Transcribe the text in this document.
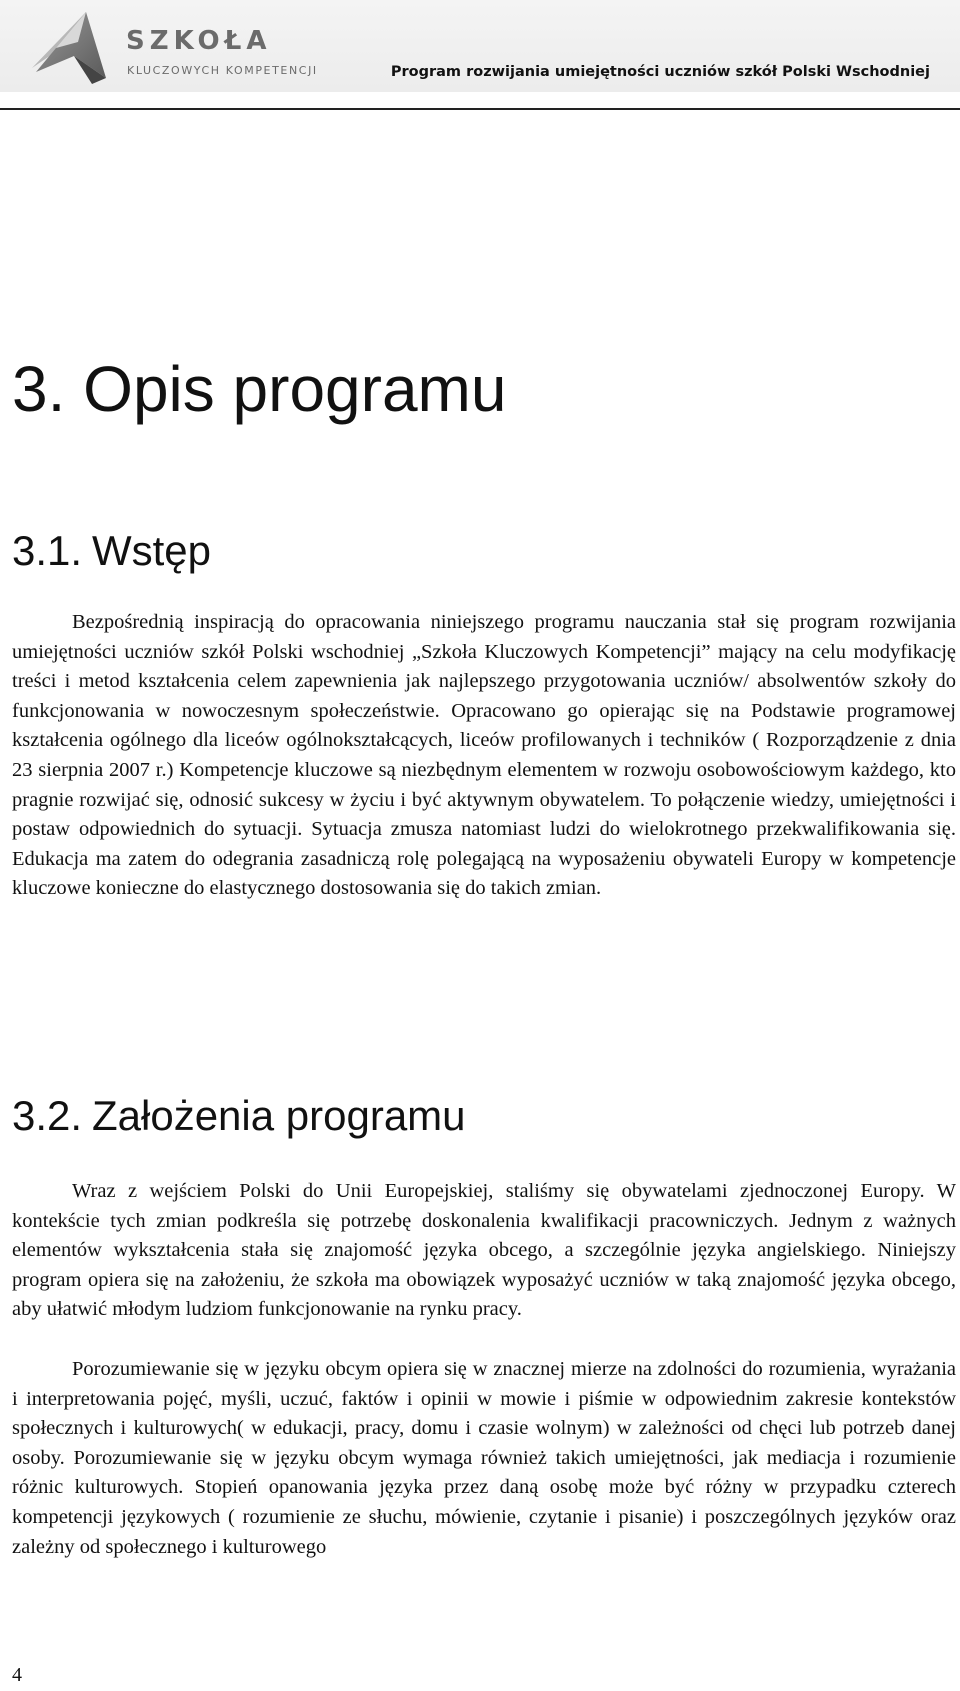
SZKOŁA
KLUCZOWYCH KOMPETENCJI	Program rozwijania umiejętności uczniów szkół Polski Wschodniej
3. Opis programu
3.1. Wstęp

Bezpośrednią inspiracją do opracowania niniejszego programu nauczania stał się program rozwijania umiejętności uczniów szkół Polski wschodniej „Szkoła Kluczowych Kompetencji” mający na celu modyfikację treści i metod kształcenia celem zapewnienia jak najlepszego przygotowania uczniów/ absolwentów szkoły do funkcjonowania w nowoczesnym społeczeństwie. Opracowano go opierając się na Podstawie programowej kształcenia ogólnego dla liceów ogólnokształcących, liceów profilowanych i techników ( Rozporządzenie z dnia 23 sierpnia 2007 r.) Kompetencje kluczowe są niezbędnym elementem w rozwoju osobowościowym każdego, kto pragnie rozwijać się, odnosić sukcesy w życiu i być aktywnym obywatelem. To połączenie wiedzy, umiejętności i postaw odpowiednich do sytuacji. Sytuacja zmusza natomiast ludzi do wielokrotnego przekwalifikowania się. Edukacja ma zatem do odegrania zasadniczą rolę polegającą na wyposażeniu obywateli Europy w kompetencje kluczowe konieczne do elastycznego dostosowania się do takich zmian.

3.2. Założenia programu

Wraz z wejściem Polski do Unii Europejskiej, staliśmy się obywatelami zjednoczonej Europy. W kontekście tych zmian podkreśla się potrzebę doskonalenia kwalifikacji pracowniczych. Jednym z ważnych elementów wykształcenia stała się znajomość języka obcego, a szczególnie języka angielskiego. Niniejszy program opiera się na założeniu, że szkoła ma obowiązek wyposażyć uczniów w taką znajomość języka obcego, aby ułatwić młodym ludziom funkcjonowanie na rynku pracy.

Porozumiewanie się w języku obcym opiera się w znacznej mierze na zdolności do rozumienia, wyrażania i interpretowania pojęć, myśli, uczuć, faktów i opinii w mowie i piśmie w odpowiednim zakresie kontekstów społecznych i kulturowych( w edukacji, pracy, domu i czasie wolnym) w zależności od chęci lub potrzeb danej osoby. Porozumiewanie się w języku obcym wymaga również takich umiejętności, jak mediacja i rozumienie różnic kulturowych. Stopień opanowania języka przez daną osobę może być różny w przypadku czterech kompetencji językowych ( rozumienie ze słuchu, mówienie, czytanie i pisanie) i poszczególnych języków oraz zależny od społecznego i kulturowego

4
